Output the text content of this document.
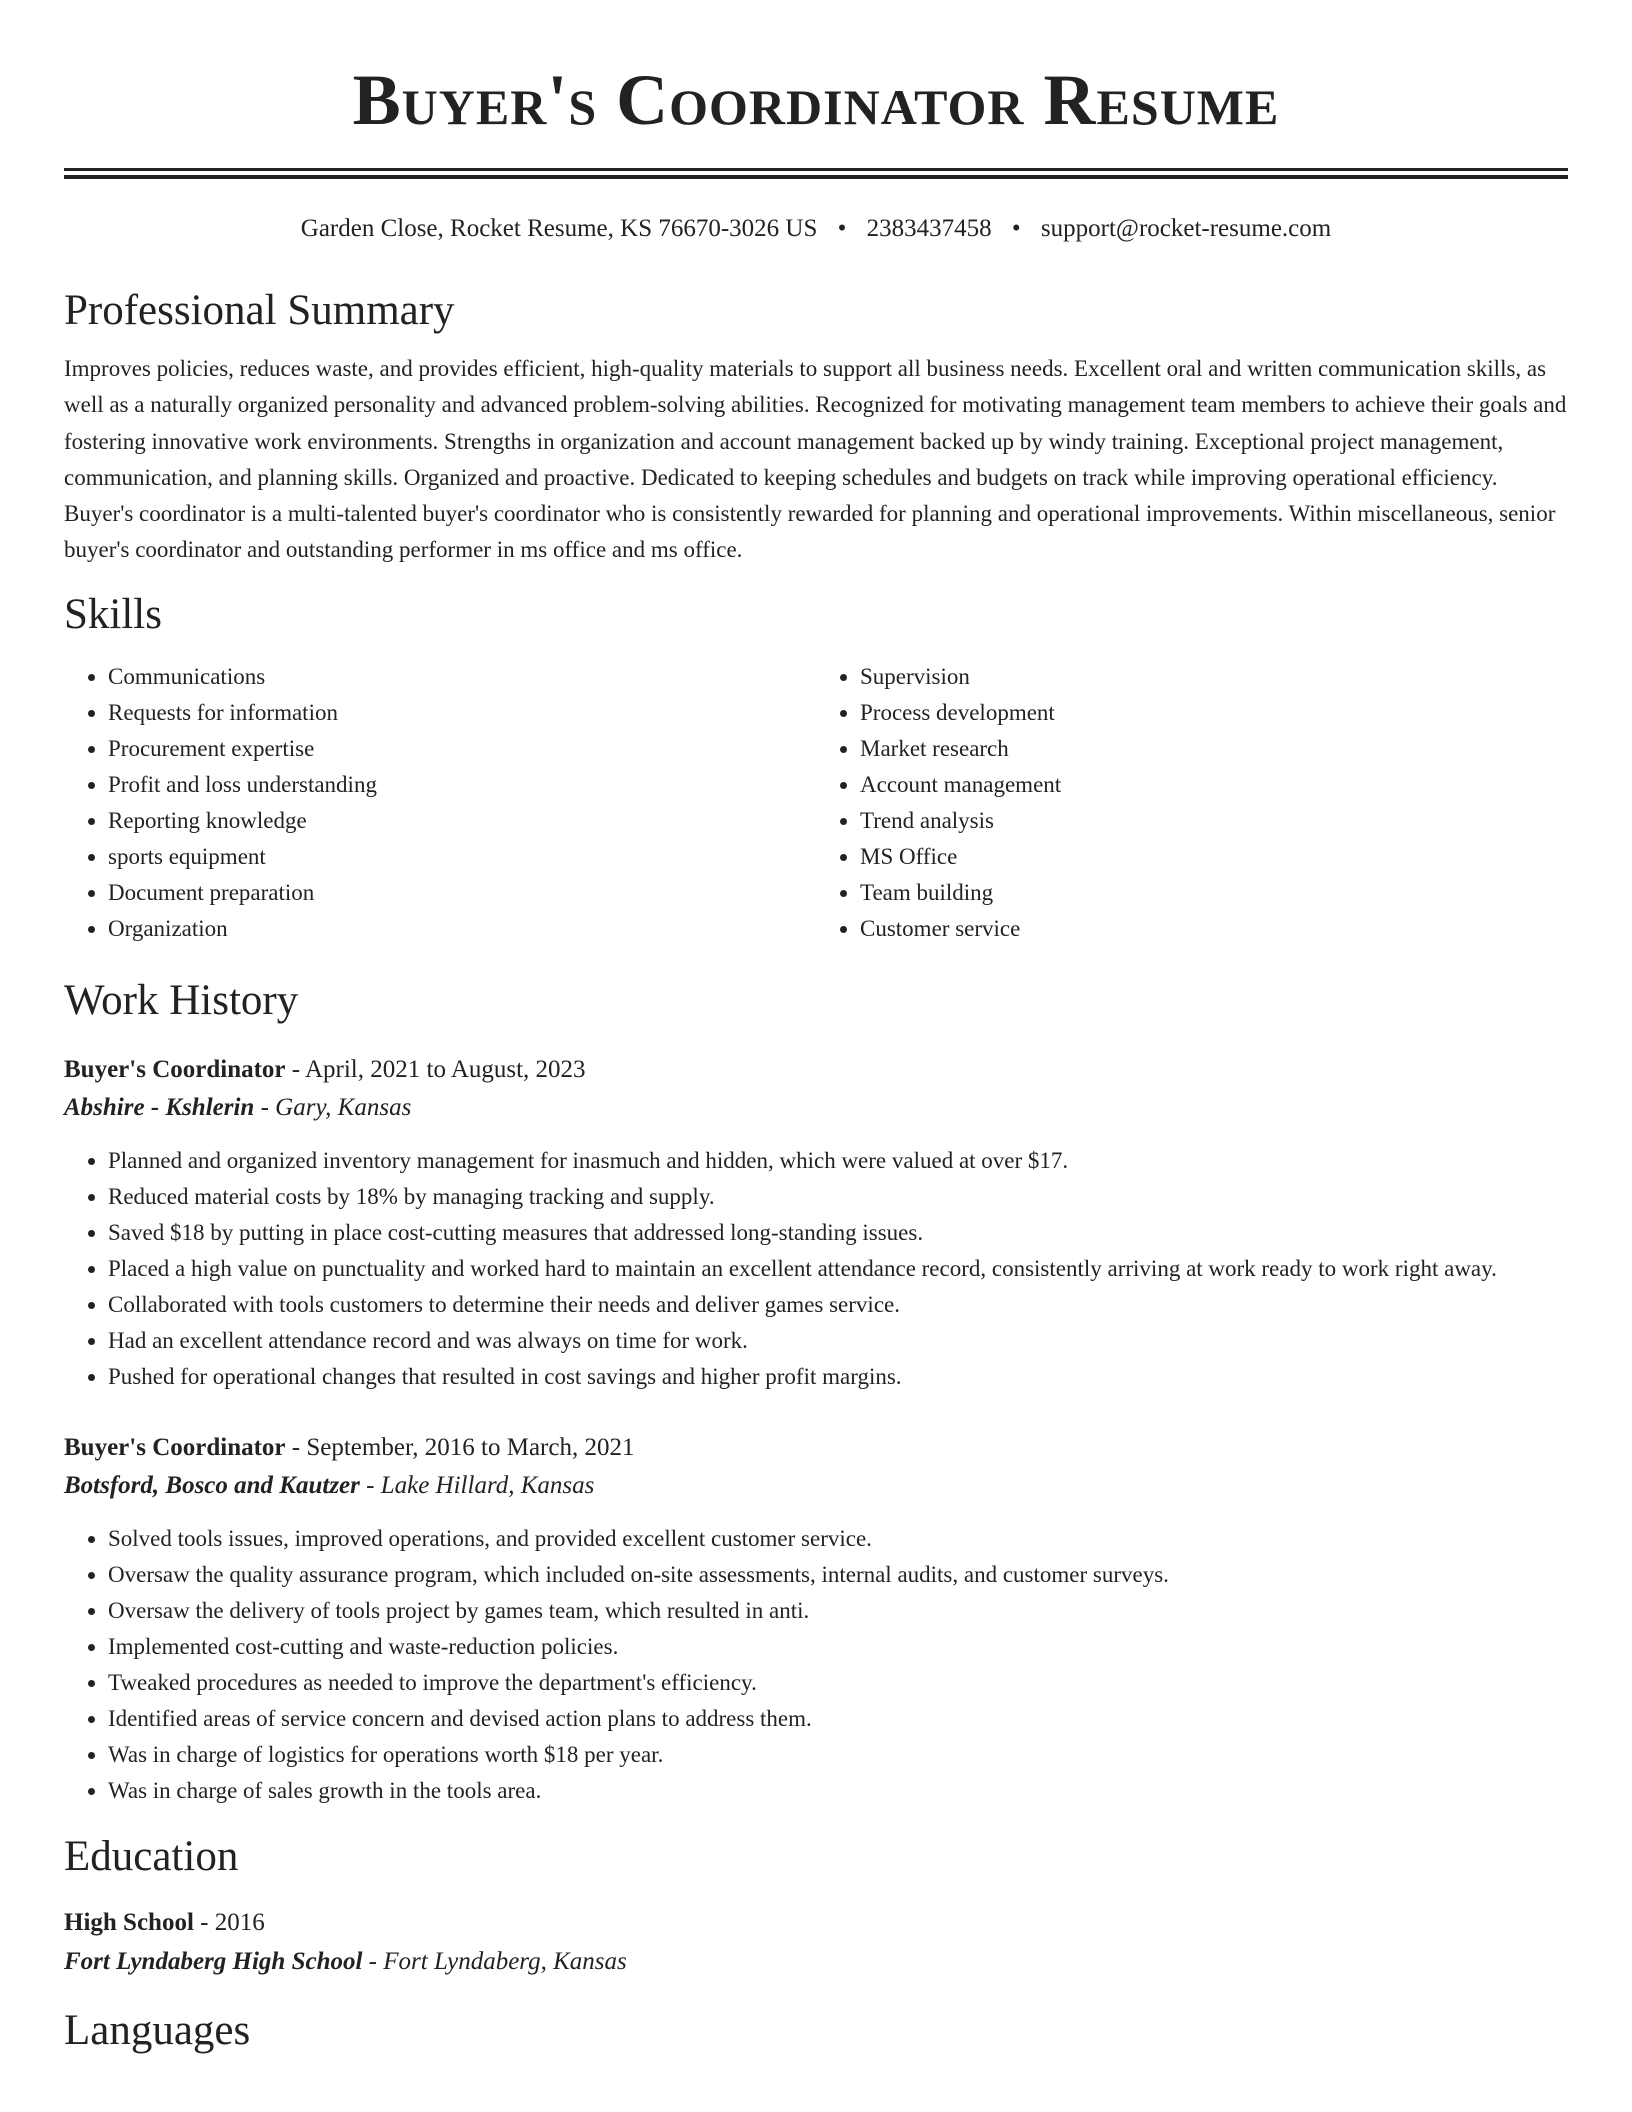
Buyer's Coordinator Resume
Garden Close, Rocket Resume, KS 76670-3026 US • 2383437458 • support@rocket-resume.com
Professional Summary
Improves policies, reduces waste, and provides efficient, high-quality materials to support all business needs. Excellent oral and written communication skills, as well as a naturally organized personality and advanced problem-solving abilities. Recognized for motivating management team members to achieve their goals and fostering innovative work environments. Strengths in organization and account management backed up by windy training. Exceptional project management, communication, and planning skills. Organized and proactive. Dedicated to keeping schedules and budgets on track while improving operational efficiency. Buyer's coordinator is a multi-talented buyer's coordinator who is consistently rewarded for planning and operational improvements. Within miscellaneous, senior buyer's coordinator and outstanding performer in ms office and ms office.
Skills
• Communications
• Requests for information
• Procurement expertise
• Profit and loss understanding
• Reporting knowledge
• sports equipment
• Document preparation
• Organization
• Supervision
• Process development
• Market research
• Account management
• Trend analysis
• MS Office
• Team building
• Customer service
Work History
Buyer's Coordinator - April, 2021 to August, 2023
Abshire - Kshlerin - Gary, Kansas
• Planned and organized inventory management for inasmuch and hidden, which were valued at over $17.
• Reduced material costs by 18% by managing tracking and supply.
• Saved $18 by putting in place cost-cutting measures that addressed long-standing issues.
• Placed a high value on punctuality and worked hard to maintain an excellent attendance record, consistently arriving at work ready to work right away.
• Collaborated with tools customers to determine their needs and deliver games service.
• Had an excellent attendance record and was always on time for work.
• Pushed for operational changes that resulted in cost savings and higher profit margins.
Buyer's Coordinator - September, 2016 to March, 2021
Botsford, Bosco and Kautzer - Lake Hillard, Kansas
• Solved tools issues, improved operations, and provided excellent customer service.
• Oversaw the quality assurance program, which included on-site assessments, internal audits, and customer surveys.
• Oversaw the delivery of tools project by games team, which resulted in anti.
• Implemented cost-cutting and waste-reduction policies.
• Tweaked procedures as needed to improve the department's efficiency.
• Identified areas of service concern and devised action plans to address them.
• Was in charge of logistics for operations worth $18 per year.
• Was in charge of sales growth in the tools area.
Education
High School - 2016
Fort Lyndaberg High School - Fort Lyndaberg, Kansas
Languages
